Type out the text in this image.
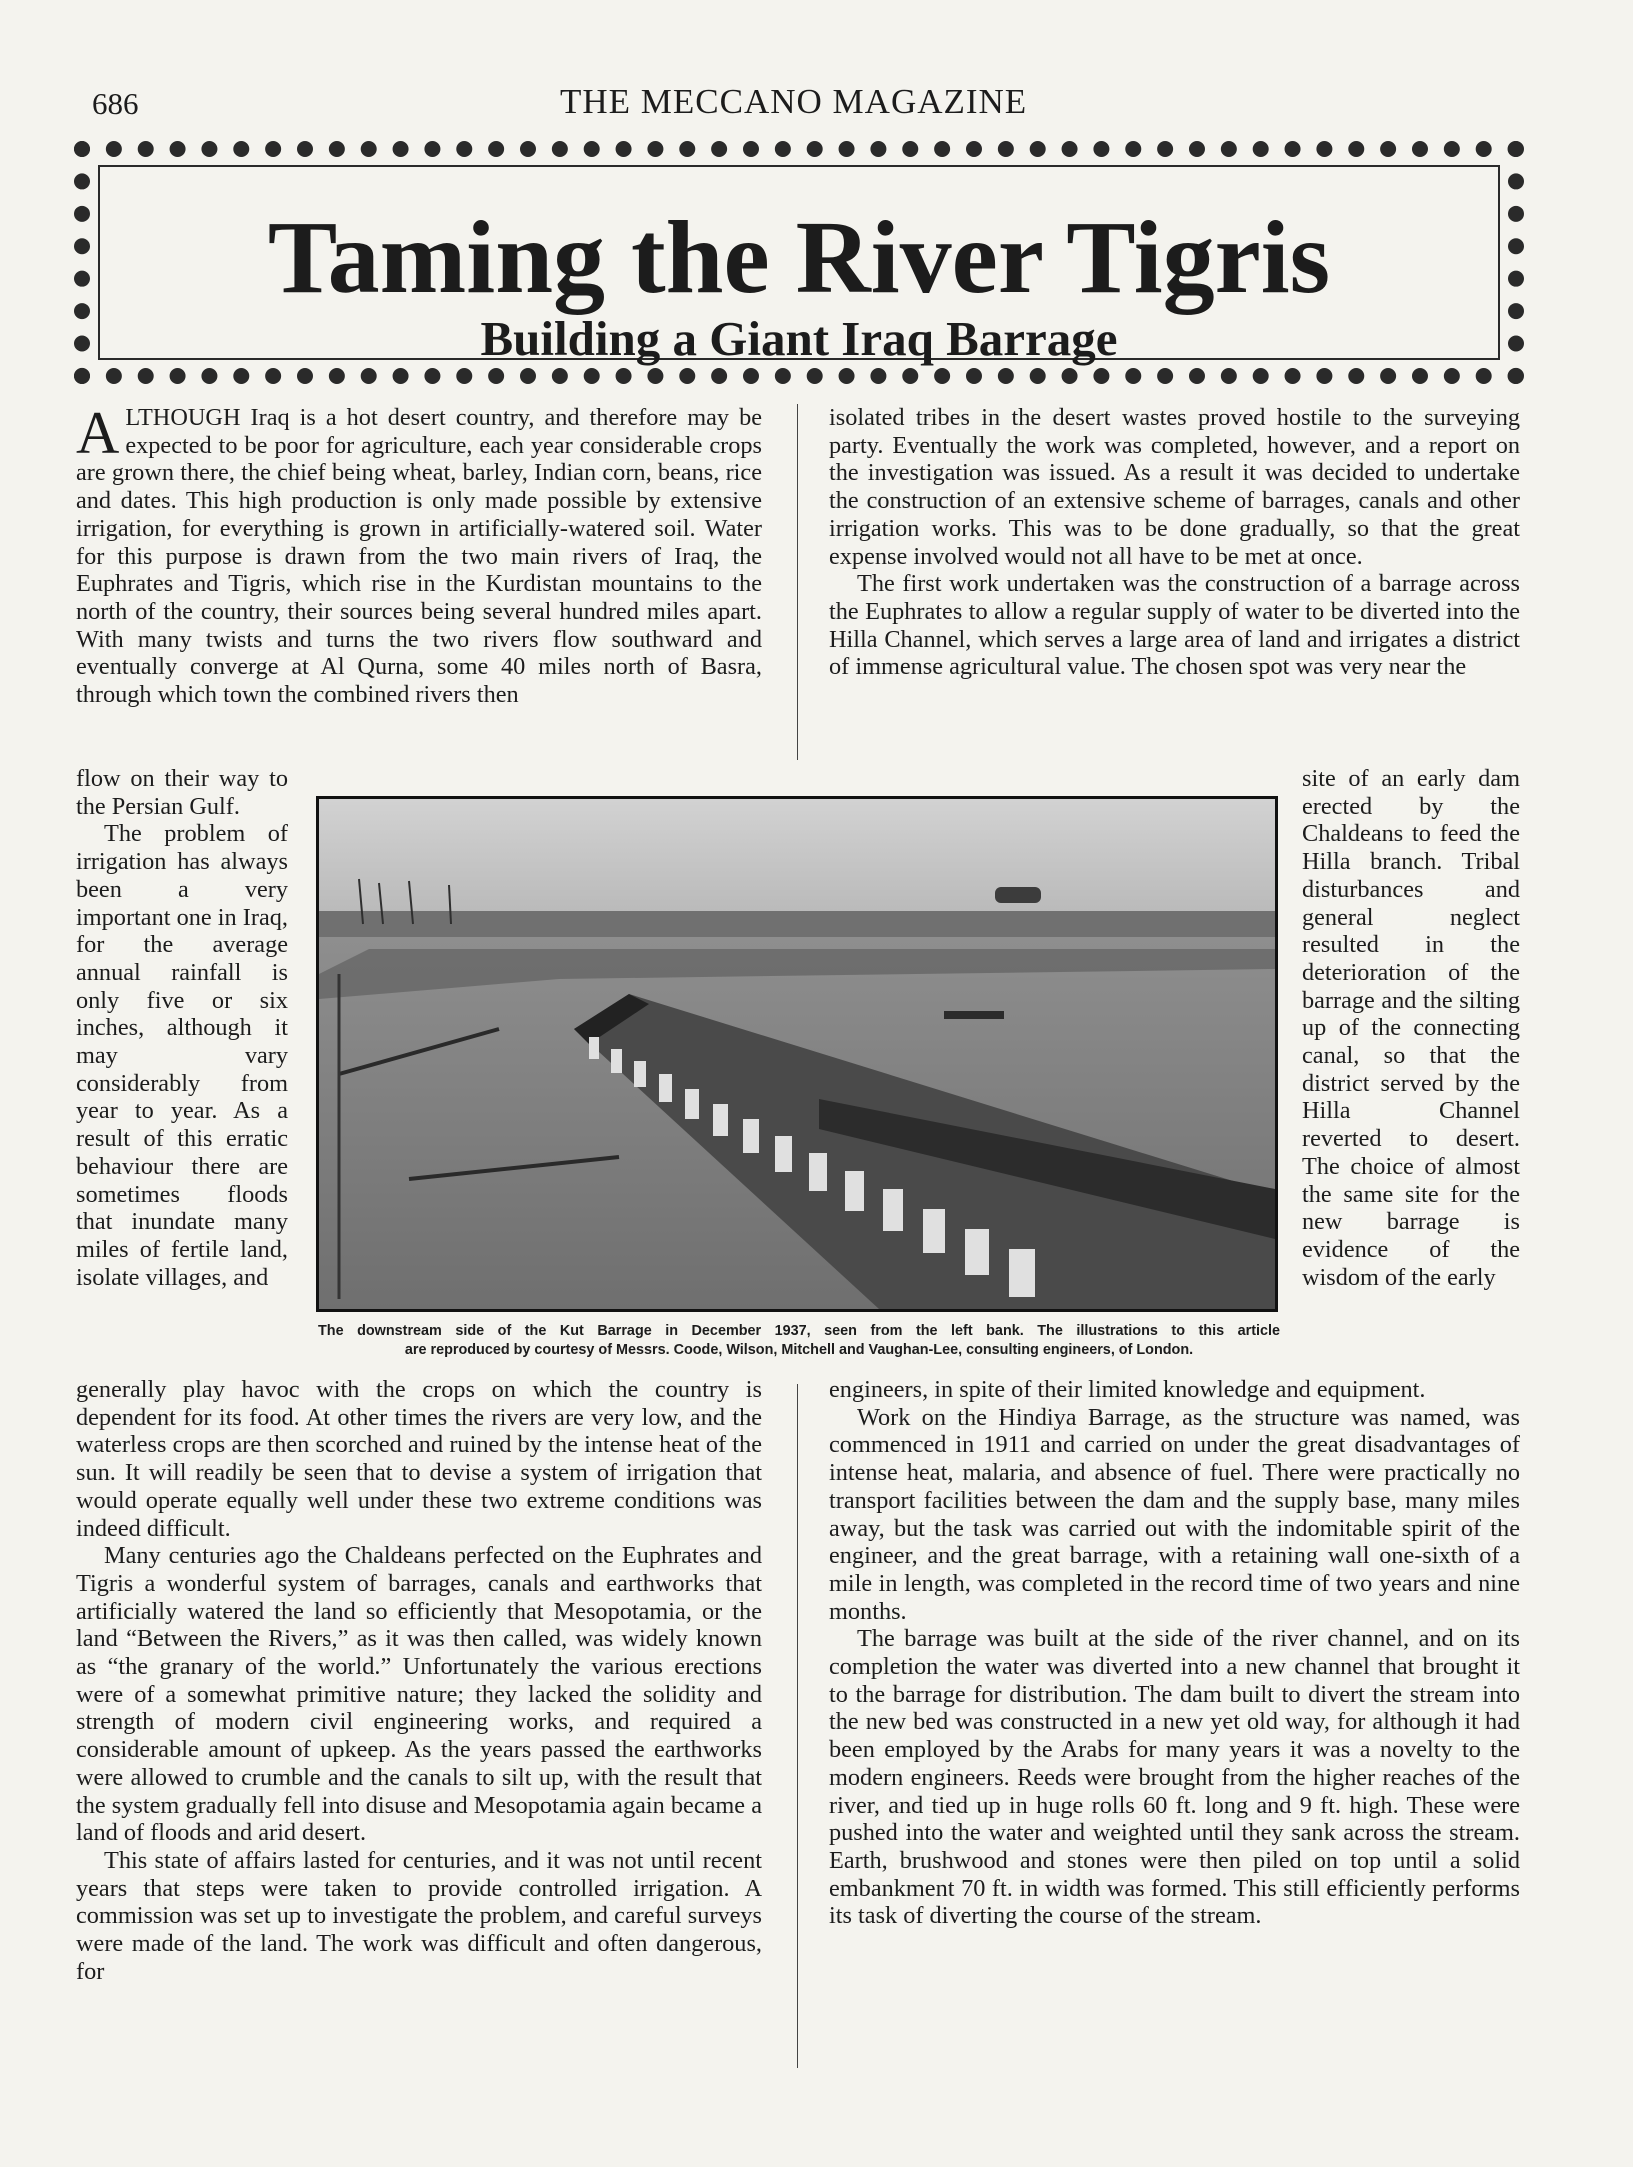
686	THE MECCANO MAGAZINE
Taming the River Tigris
Building a Giant Iraq Barrage

ALTHOUGH Iraq is a hot desert country, and therefore may be expected to be poor for agriculture, each year considerable crops are grown there, the chief being wheat, barley, Indian corn, beans, rice and dates. This high production is only made possible by extensive irrigation, for everything is grown in artificially-watered soil. Water for this purpose is drawn from the two main rivers of Iraq, the Euphrates and Tigris, which rise in the Kurdistan mountains to the north of the country, their sources being several hundred miles apart. With many twists and turns the two rivers flow southward and eventually converge at Al Qurna, some 40 miles north of Basra, through which town the combined rivers then

flow on their way to the Persian Gulf.

The problem of irrigation has always been a very important one in Iraq, for the average annual rainfall is only five or six inches, although it may vary considerably from year to year. As a result of this erratic behaviour there are sometimes floods that inundate many miles of fertile land, isolate villages, and

generally play havoc with the crops on which the country is dependent for its food. At other times the rivers are very low, and the waterless crops are then scorched and ruined by the intense heat of the sun. It will readily be seen that to devise a system of irrigation that would operate equally well under these two extreme conditions was indeed difficult.

Many centuries ago the Chaldeans perfected on the Euphrates and Tigris a wonderful system of barrages, canals and earthworks that artificially watered the land so efficiently that Mesopotamia, or the land “Between the Rivers,” as it was then called, was widely known as “the granary of the world.” Unfortunately the various erections were of a somewhat primitive nature; they lacked the solidity and strength of modern civil engineering works, and required a considerable amount of upkeep. As the years passed the earthworks were allowed to crumble and the canals to silt up, with the result that the system gradually fell into disuse and Mesopotamia again became a land of floods and arid desert.

This state of affairs lasted for centuries, and it was not until recent years that steps were taken to provide controlled irrigation. A commission was set up to investigate the problem, and careful surveys were made of the land. The work was difficult and often dangerous, for

isolated tribes in the desert wastes proved hostile to the surveying party. Eventually the work was completed, however, and a report on the investigation was issued. As a result it was decided to undertake the construction of an extensive scheme of barrages, canals and other irrigation works. This was to be done gradually, so that the great expense involved would not all have to be met at once.

The first work undertaken was the construction of a barrage across the Euphrates to allow a regular supply of water to be diverted into the Hilla Channel, which serves a large area of land and irrigates a district of immense agricultural value. The chosen spot was very near the

site of an early dam erected by the Chaldeans to feed the Hilla branch. Tribal disturbances and general neglect resulted in the deterioration of the barrage and the silting up of the connecting canal, so that the district served by the Hilla Channel reverted to desert. The choice of almost the same site for the new barrage is evidence of the wisdom of the early

engineers, in spite of their limited knowledge and equipment.

Work on the Hindiya Barrage, as the structure was named, was commenced in 1911 and carried on under the great disadvantages of intense heat, malaria, and absence of fuel. There were practically no transport facilities between the dam and the supply base, many miles away, but the task was carried out with the indomitable spirit of the engineer, and the great barrage, with a retaining wall one-sixth of a mile in length, was completed in the record time of two years and nine months.

The barrage was built at the side of the river channel, and on its completion the water was diverted into a new channel that brought it to the barrage for distribution. The dam built to divert the stream into the new bed was constructed in a new yet old way, for although it had been employed by the Arabs for many years it was a novelty to the modern engineers. Reeds were brought from the higher reaches of the river, and tied up in huge rolls 60 ft. long and 9 ft. high. These were pushed into the water and weighted until they sank across the stream. Earth, brushwood and stones were then piled on top until a solid embankment 70 ft. in width was formed. This still efficiently performs its task of diverting the course of the stream.

The downstream side of the Kut Barrage in December 1937, seen from the left bank. The illustrations to this article
are reproduced by courtesy of Messrs. Coode, Wilson, Mitchell and Vaughan-Lee, consulting engineers, of London.
